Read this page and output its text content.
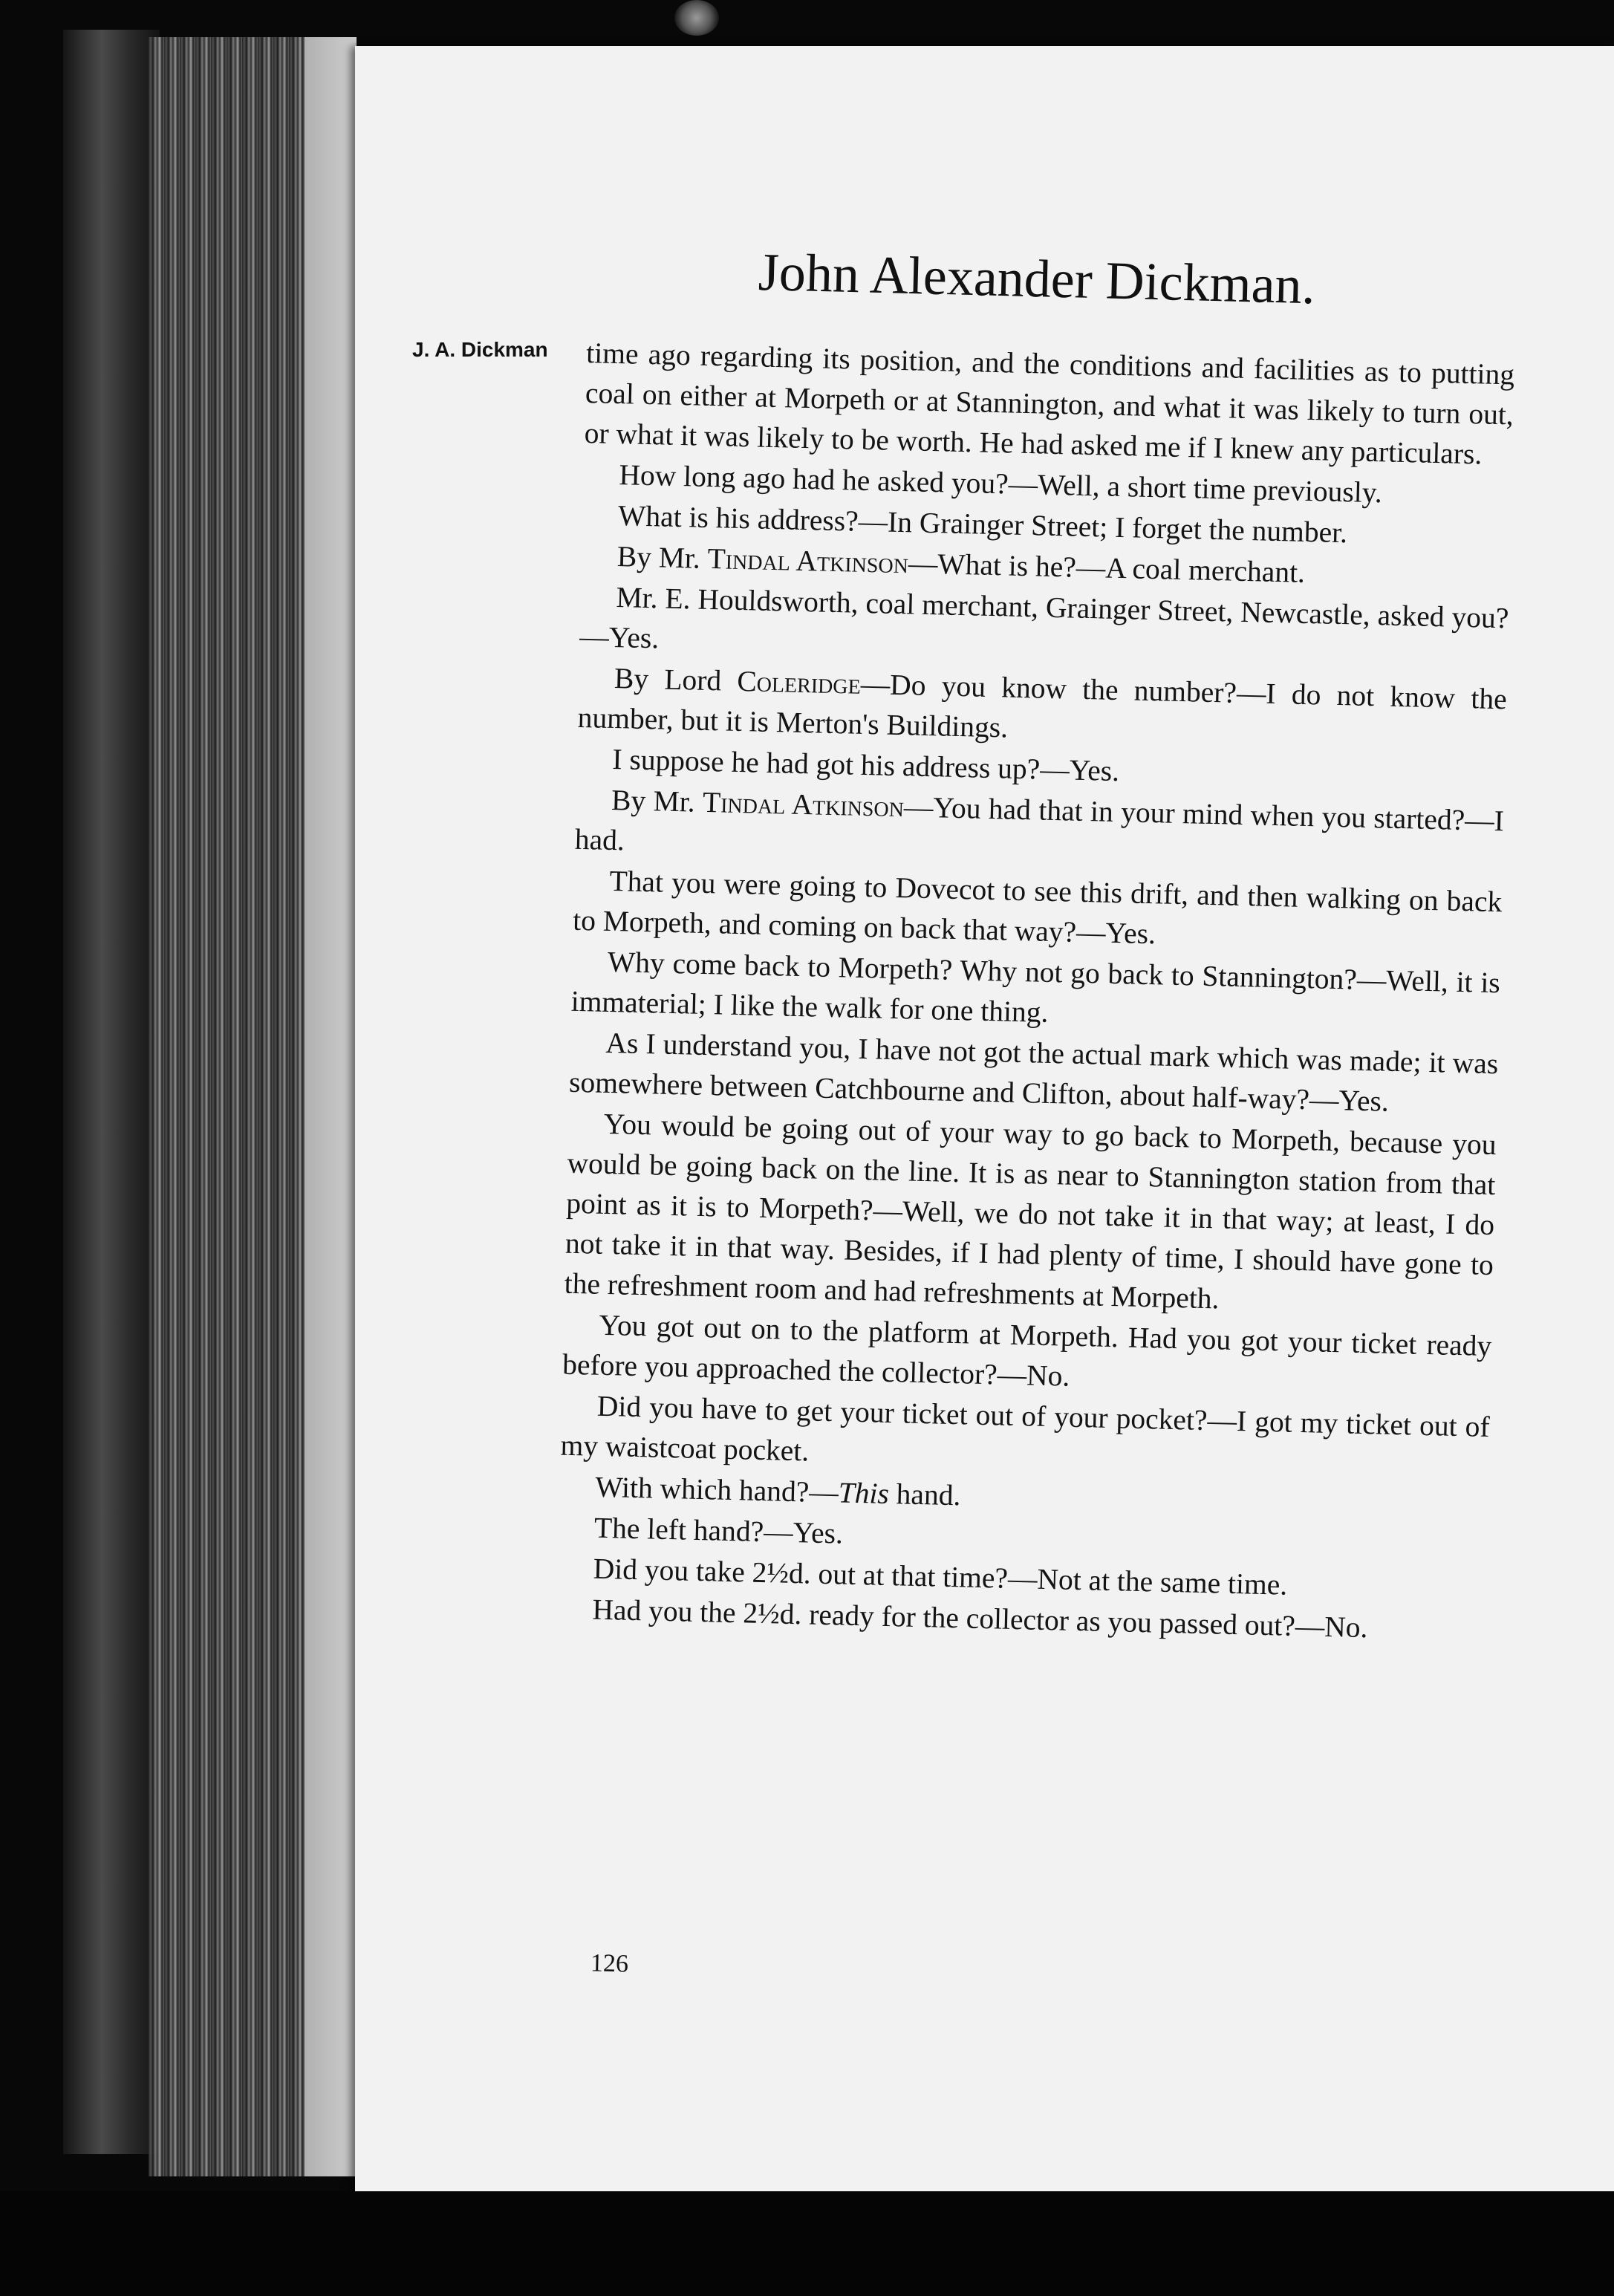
John Alexander Dickman.
J. A. Dickman time ago regarding its position, and the conditions and facilities as to putting coal on either at Morpeth or at Stannington, and what it was likely to turn out, or what it was likely to be worth. He had asked me if I knew any particulars.

How long ago had he asked you?—Well, a short time previously.

What is his address?—In Grainger Street; I forget the number.

By Mr. Tindal Atkinson—What is he?—A coal merchant.

Mr. E. Houldsworth, coal merchant, Grainger Street, Newcastle, asked you?—Yes.

By Lord Coleridge—Do you know the number?—I do not know the number, but it is Merton's Buildings.

I suppose he had got his address up?—Yes.

By Mr. Tindal Atkinson—You had that in your mind when you started?—I had.

That you were going to Dovecot to see this drift, and then walking on back to Morpeth, and coming on back that way?—Yes.

Why come back to Morpeth? Why not go back to Stannington?—Well, it is immaterial; I like the walk for one thing.

As I understand you, I have not got the actual mark which was made; it was somewhere between Catchbourne and Clifton, about half-way?—Yes.

You would be going out of your way to go back to Morpeth, because you would be going back on the line. It is as near to Stannington station from that point as it is to Morpeth?—Well, we do not take it in that way; at least, I do not take it in that way. Besides, if I had plenty of time, I should have gone to the refreshment room and had refreshments at Morpeth.

You got out on to the platform at Morpeth. Had you got your ticket ready before you approached the collector?—No.

Did you have to get your ticket out of your pocket?—I got my ticket out of my waistcoat pocket.

With which hand?—This hand.

The left hand?—Yes.

Did you take 2½d. out at that time?—Not at the same time.

Had you the 2½d. ready for the collector as you passed out?—No.

126
